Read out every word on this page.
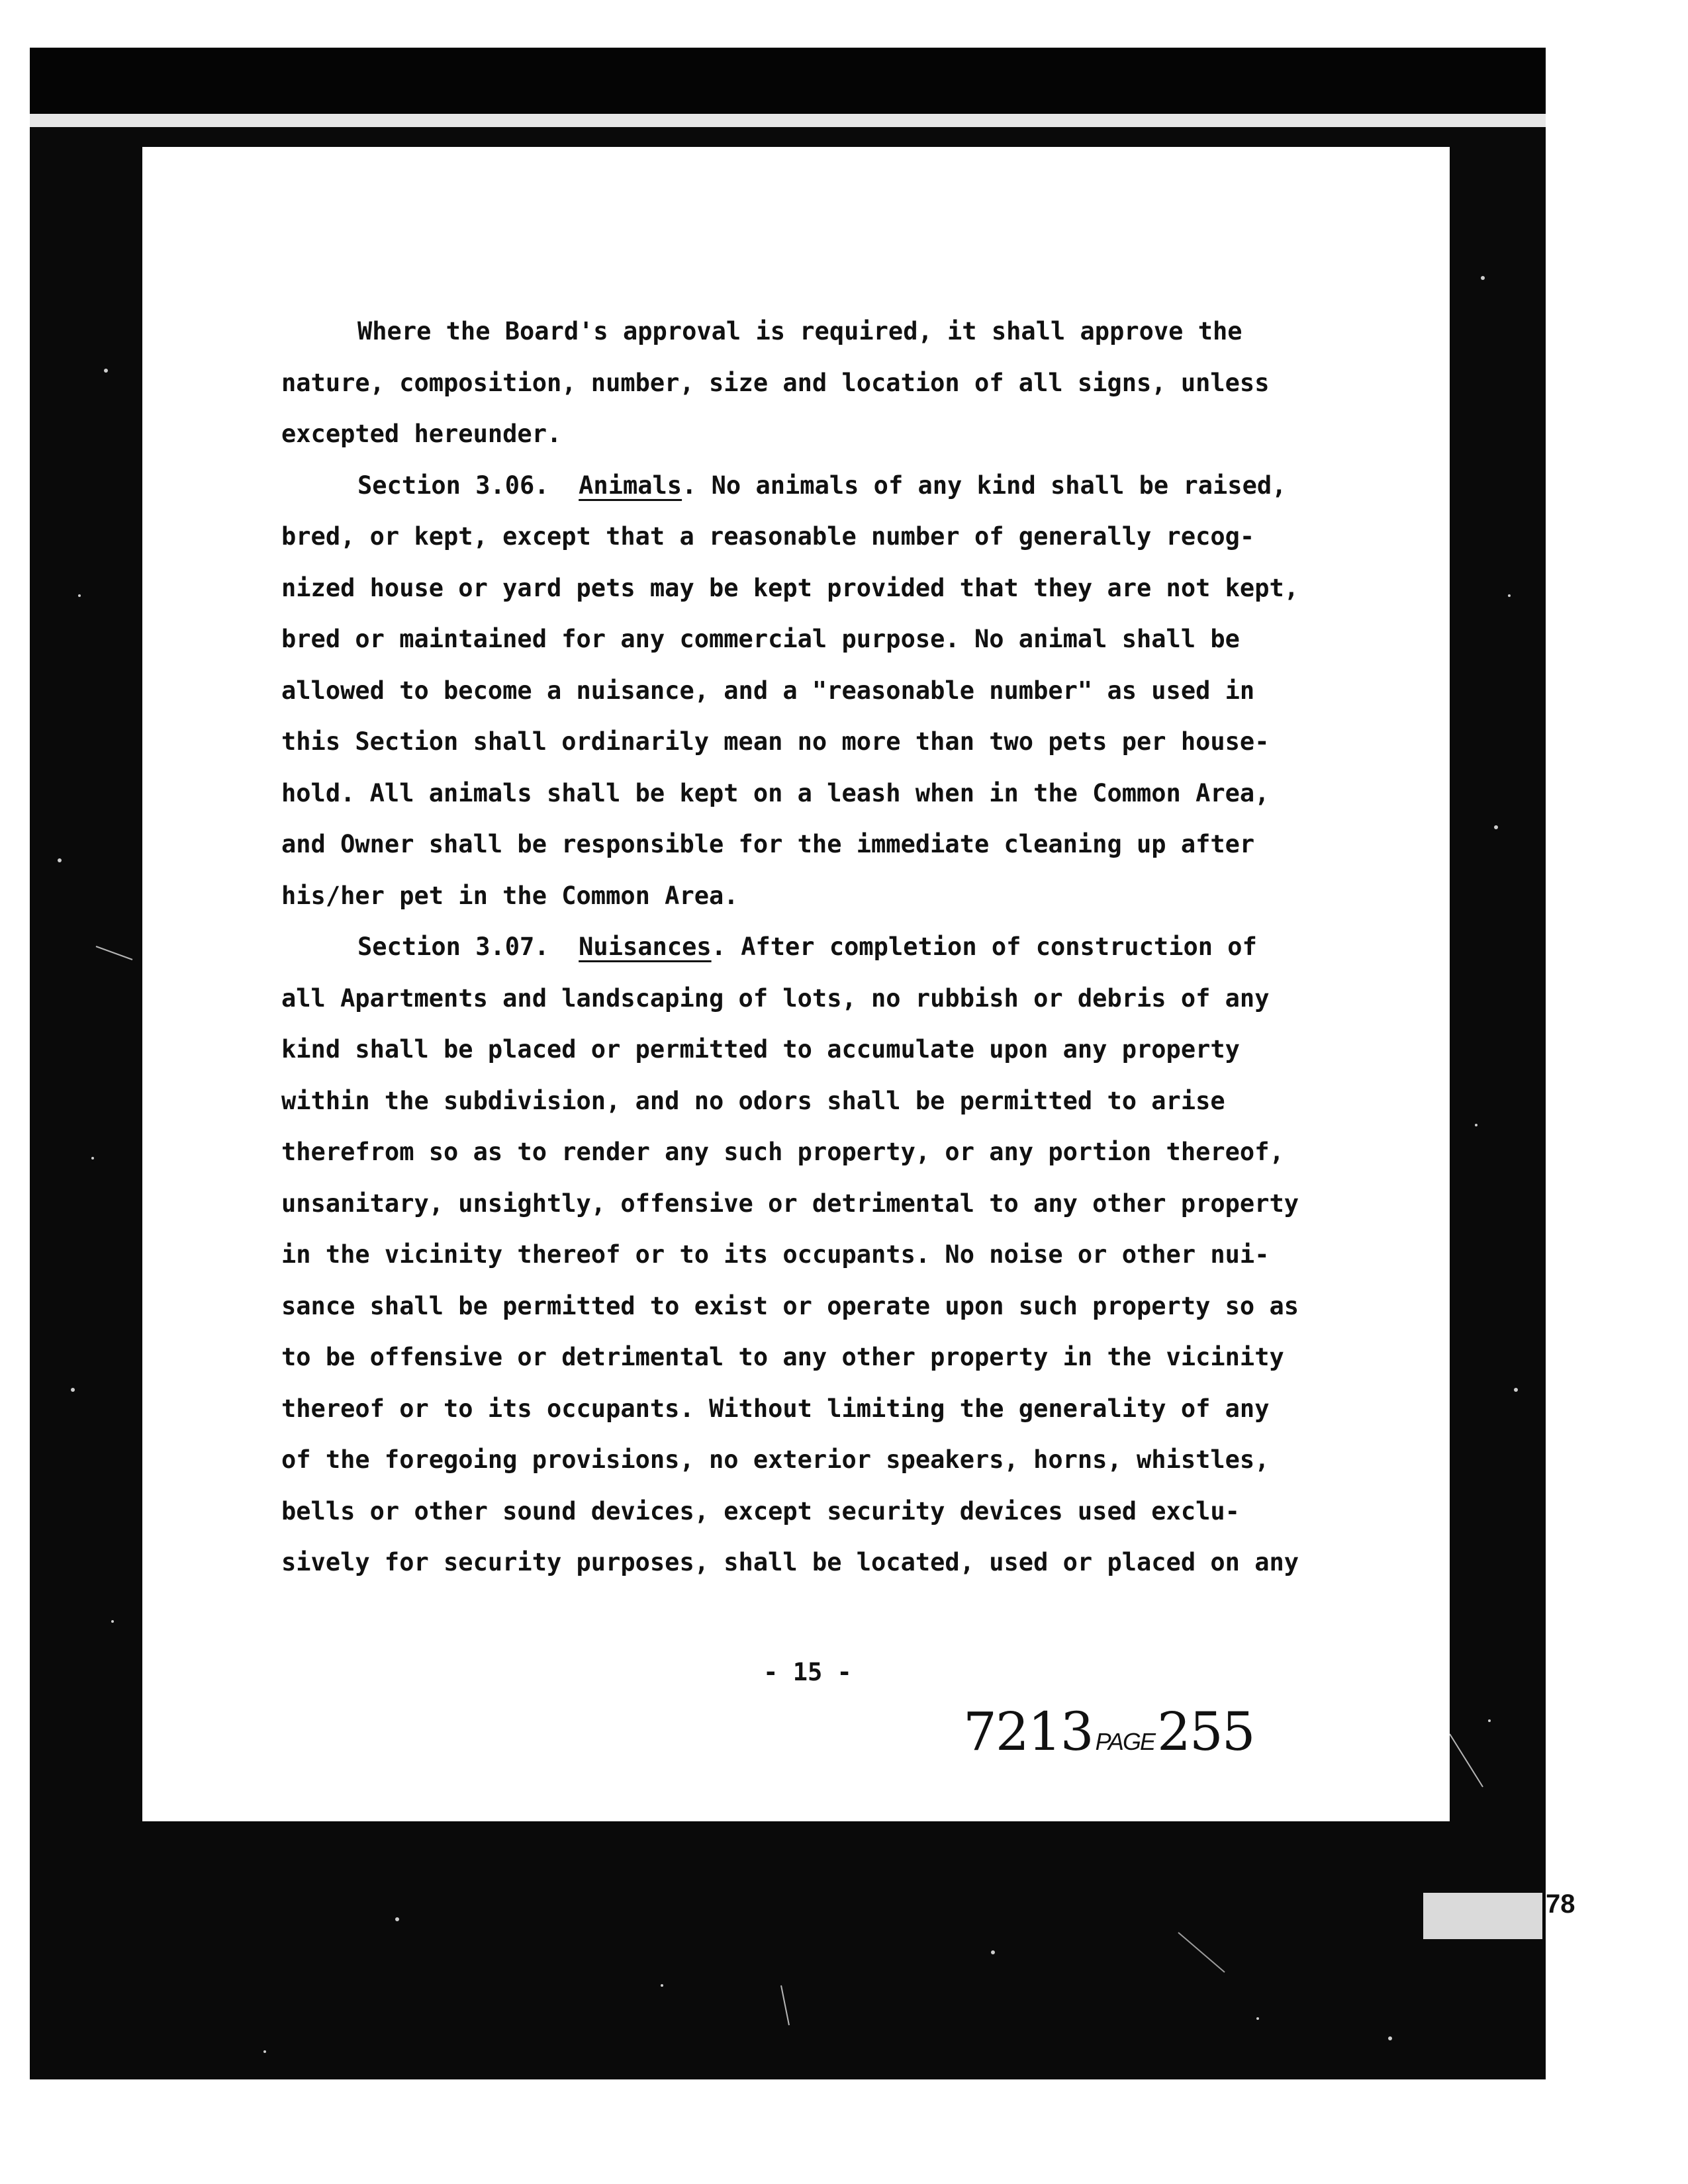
Where the Board's approval is required, it shall approve the
nature, composition, number, size and location of all signs, unless
excepted hereunder.
Section 3.06. Animals. No animals of any kind shall be raised,
bred, or kept, except that a reasonable number of generally recog-
nized house or yard pets may be kept provided that they are not kept,
bred or maintained for any commercial purpose. No animal shall be
allowed to become a nuisance, and a "reasonable number" as used in
this Section shall ordinarily mean no more than two pets per house-
hold. All animals shall be kept on a leash when in the Common Area,
and Owner shall be responsible for the immediate cleaning up after
his/her pet in the Common Area.
Section 3.07. Nuisances. After completion of construction of
all Apartments and landscaping of lots, no rubbish or debris of any
kind shall be placed or permitted to accumulate upon any property
within the subdivision, and no odors shall be permitted to arise
therefrom so as to render any such property, or any portion thereof,
unsanitary, unsightly, offensive or detrimental to any other property
in the vicinity thereof or to its occupants. No noise or other nui-
sance shall be permitted to exist or operate upon such property so as
to be offensive or detrimental to any other property in the vicinity
thereof or to its occupants. Without limiting the generality of any
of the foregoing provisions, no exterior speakers, horns, whistles,
bells or other sound devices, except security devices used exclu-
sively for security purposes, shall be located, used or placed on any
- 15 -
7213 PAGE255
78
